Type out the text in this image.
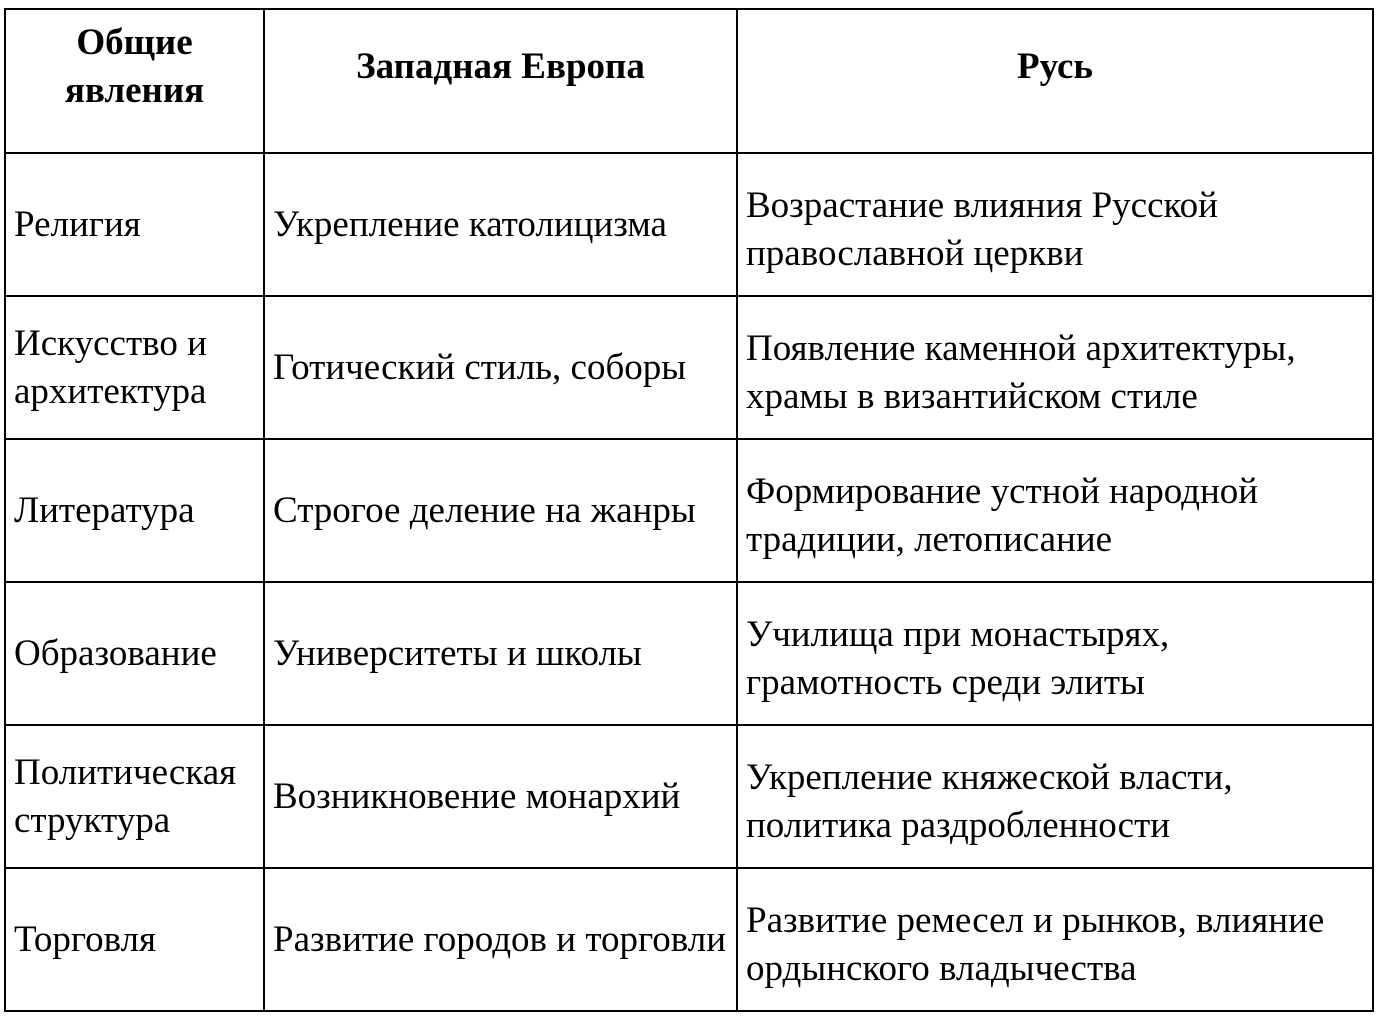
Общие явления	Западная Европа	Русь

Религия	Укрепление католицизма	Возрастание влияния Русской православной церкви

Искусство и архитектура	Готический стиль, соборы	Появление каменной архитектуры, храмы в византийском стиле

Литература	Строгое деление на жанры	Формирование устной народной традиции, летописание

Образование	Университеты и школы	Училища при монастырях, грамотность среди элиты

Политическая структура	Возникновение монархий	Укрепление княжеской власти, политика раздробленности

Торговля	Развитие городов и торговли	Развитие ремесел и рынков, влияние ордынского владычества
